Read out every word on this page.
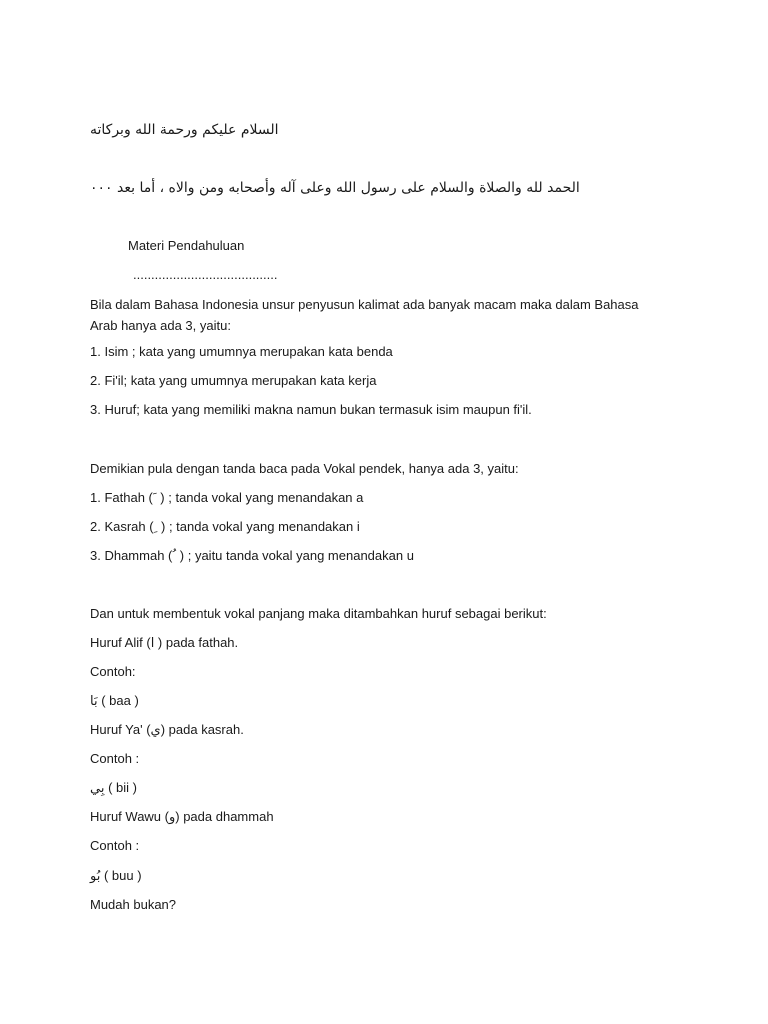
السلام عليكم ورحمة الله وبركاته
الحمد لله والصلاة والسلام على رسول الله وعلى آله وأصحابه ومن والاه ، أما بعد ٠٠٠
Materi Pendahuluan
........................................
Bila dalam Bahasa Indonesia unsur penyusun kalimat ada banyak macam maka dalam Bahasa Arab hanya ada 3, yaitu:
1. Isim ; kata yang umumnya merupakan kata benda
2. Fi'il; kata yang umumnya merupakan kata kerja
3. Huruf; kata yang memiliki makna namun bukan termasuk isim maupun fi'il.
Demikian pula dengan tanda baca pada Vokal pendek, hanya ada 3, yaitu:
1. Fathah ( َ ) ; tanda vokal yang menandakan a
2. Kasrah ( ِ ) ; tanda vokal yang menandakan i
3. Dhammah ( ُ ) ; yaitu tanda vokal yang menandakan u
Dan untuk membentuk vokal panjang maka ditambahkan huruf sebagai berikut:
Huruf Alif (ا ) pada fathah.
Contoh:
بَا ( baa )
Huruf Ya' (ي) pada kasrah.
Contoh :
بِي ( bii )
Huruf Wawu (و) pada dhammah
Contoh :
بُو ( buu )
Mudah bukan?
